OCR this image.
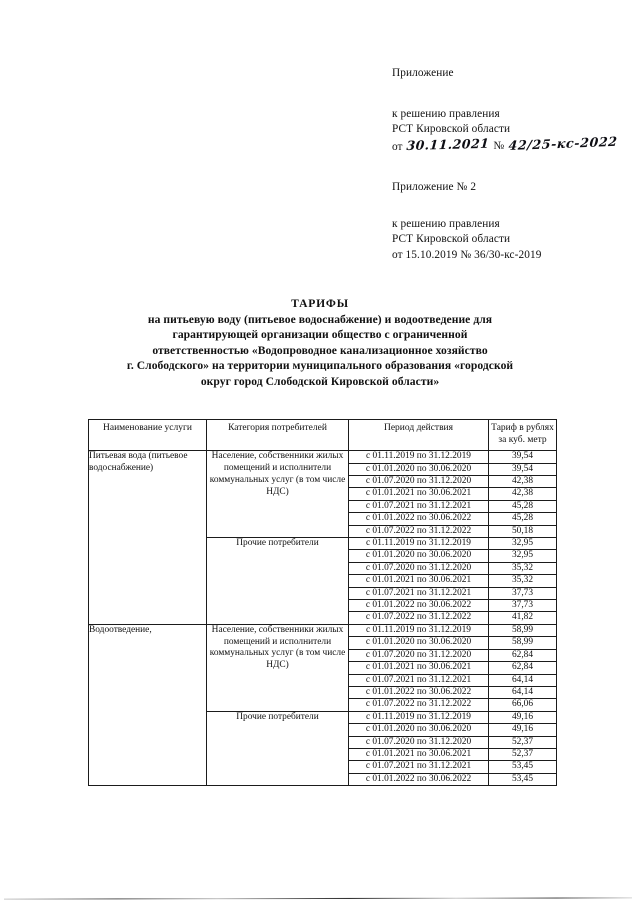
Приложение
к решению правления
РСТ Кировской области
от 30.11.2021 № 42/25-кс-2022
Приложение № 2
к решению правления
РСТ Кировской области
от 15.10.2019 № 36/30-кс-2019
ТАРИФЫ
на питьевую воду (питьевое водоснабжение) и водоотведение для
гарантирующей организации общество с ограниченной
ответственностью «Водопроводное канализационное хозяйство
г. Слободского» на территории муниципального образования «городской
округ город Слободской Кировской области»
Наименование услуги	Категория потребителей	Период действия	Тариф в рублях за куб. метр
Питьевая вода (питьевое водоснабжение)	Население, собственники жилых помещений и исполнители коммунальных услуг (в том числе НДС)	с 01.11.2019 по 31.12.2019	39,54
		с 01.01.2020 по 30.06.2020	39,54
		с 01.07.2020 по 31.12.2020	42,38
		с 01.01.2021 по 30.06.2021	42,38
		с 01.07.2021 по 31.12.2021	45,28
		с 01.01.2022 по 30.06.2022	45,28
		с 01.07.2022 по 31.12.2022	50,18
	Прочие потребители	с 01.11.2019 по 31.12.2019	32,95
		с 01.01.2020 по 30.06.2020	32,95
		с 01.07.2020 по 31.12.2020	35,32
		с 01.01.2021 по 30.06.2021	35,32
		с 01.07.2021 по 31.12.2021	37,73
		с 01.01.2022 по 30.06.2022	37,73
		с 01.07.2022 по 31.12.2022	41,82
Водоотведение,	Население, собственники жилых помещений и исполнители коммунальных услуг (в том числе НДС)	с 01.11.2019 по 31.12.2019	58,99
		с 01.01.2020 по 30.06.2020	58,99
		с 01.07.2020 по 31.12.2020	62,84
		с 01.01.2021 по 30.06.2021	62,84
		с 01.07.2021 по 31.12.2021	64,14
		с 01.01.2022 по 30.06.2022	64,14
		с 01.07.2022 по 31.12.2022	66,06
	Прочие потребители	с 01.11.2019 по 31.12.2019	49,16
		с 01.01.2020 по 30.06.2020	49,16
		с 01.07.2020 по 31.12.2020	52,37
		с 01.01.2021 по 30.06.2021	52,37
		с 01.07.2021 по 31.12.2021	53,45
		с 01.01.2022 по 30.06.2022	53,45
